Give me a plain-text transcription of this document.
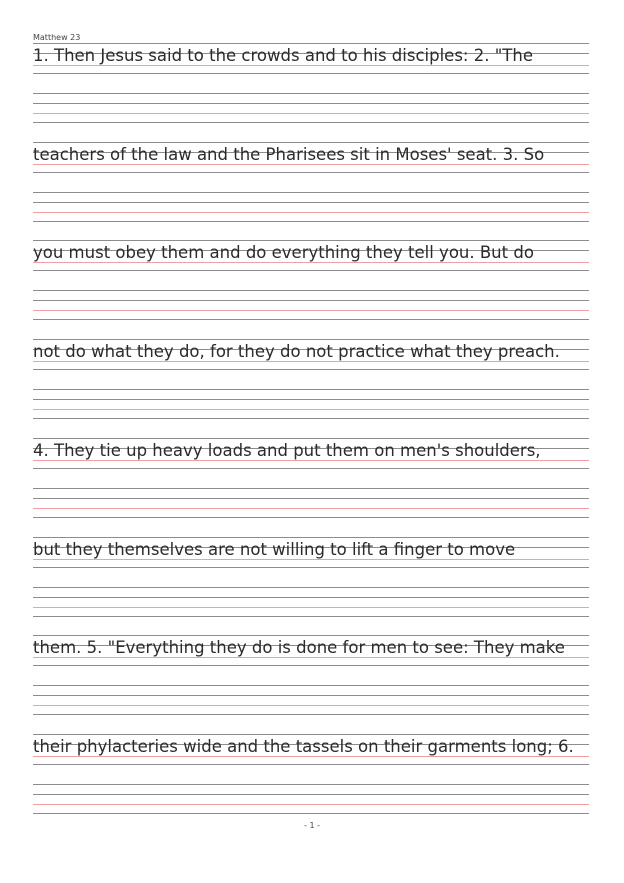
Matthew 23
1. Then Jesus said to the crowds and to his disciples: 2. "The
teachers of the law and the Pharisees sit in Moses' seat. 3. So
you must obey them and do everything they tell you. But do
not do what they do, for they do not practice what they preach.
4. They tie up heavy loads and put them on men's shoulders,
but they themselves are not willing to lift a finger to move
them. 5. "Everything they do is done for men to see: They make
their phylacteries wide and the tassels on their garments long; 6.
- 1 -
